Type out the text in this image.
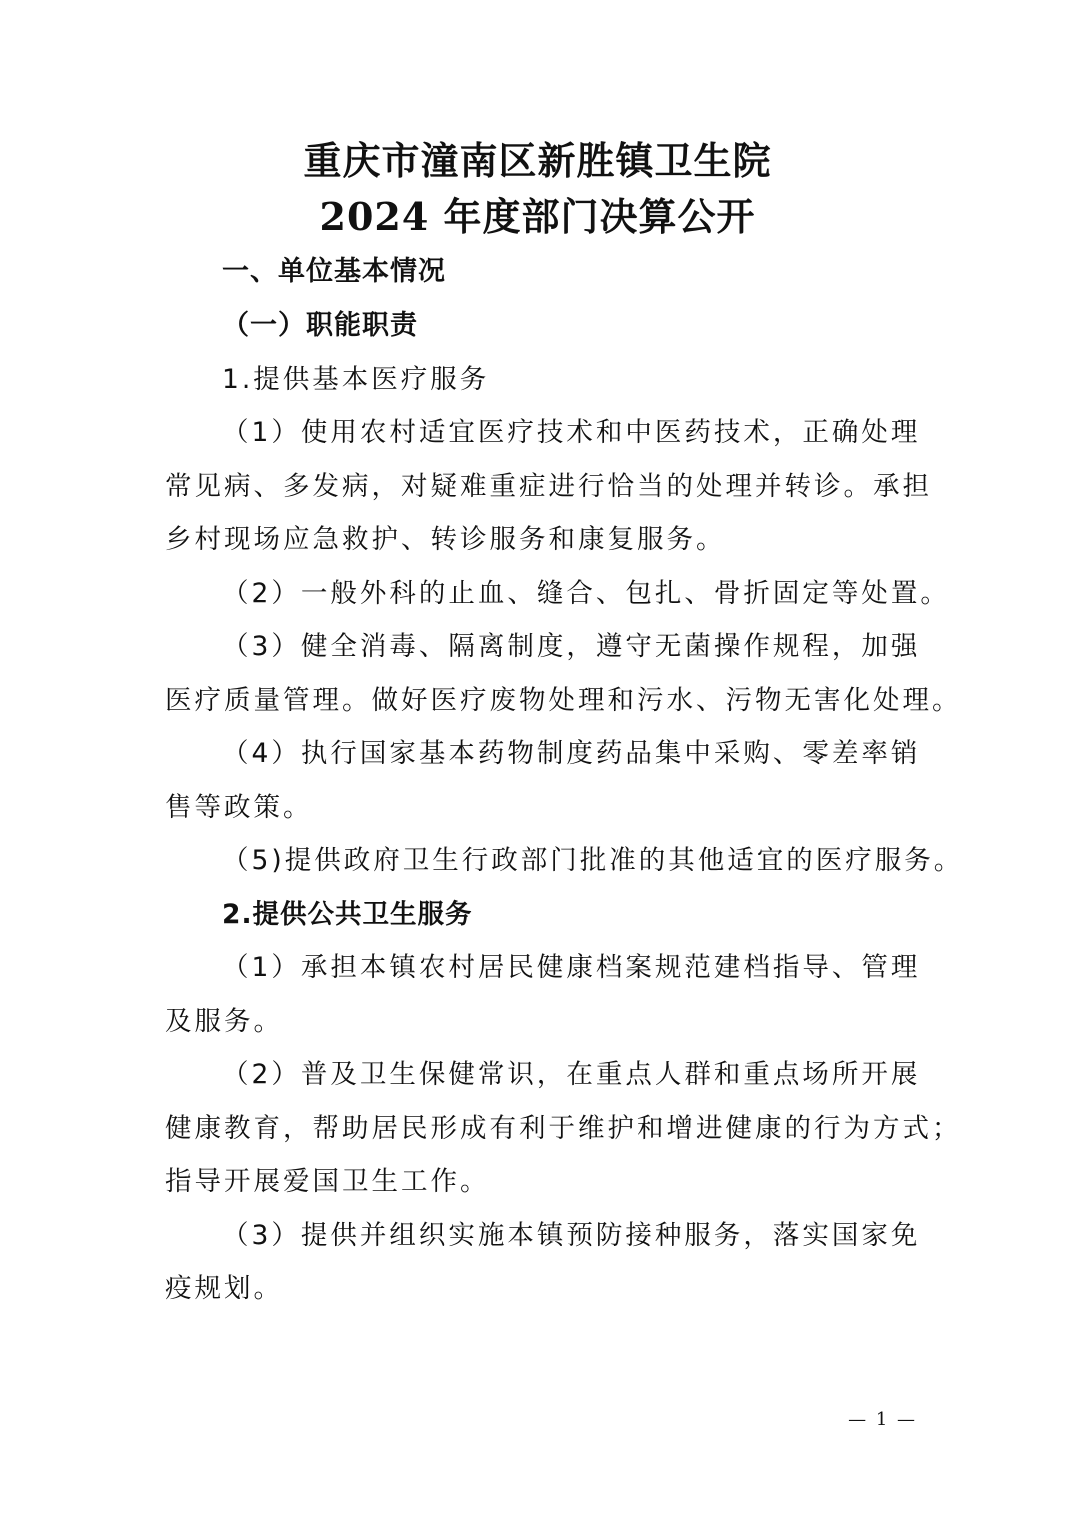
重庆市潼南区新胜镇卫生院
2024 年度部门决算公开
一、单位基本情况
（一）职能职责
1.提供基本医疗服务
（1）使用农村适宜医疗技术和中医药技术，正确处理
常见病、多发病，对疑难重症进行恰当的处理并转诊。承担
乡村现场应急救护、转诊服务和康复服务。
（2）一般外科的止血、缝合、包扎、骨折固定等处置。
（3）健全消毒、隔离制度，遵守无菌操作规程，加强
医疗质量管理。做好医疗废物处理和污水、污物无害化处理。
（4）执行国家基本药物制度药品集中采购、零差率销
售等政策。
（5)提供政府卫生行政部门批准的其他适宜的医疗服务。
2.提供公共卫生服务
（1）承担本镇农村居民健康档案规范建档指导、管理
及服务。
（2）普及卫生保健常识，在重点人群和重点场所开展
健康教育，帮助居民形成有利于维护和增进健康的行为方式；
指导开展爱国卫生工作。
（3）提供并组织实施本镇预防接种服务，落实国家免
疫规划。
— 1 —
